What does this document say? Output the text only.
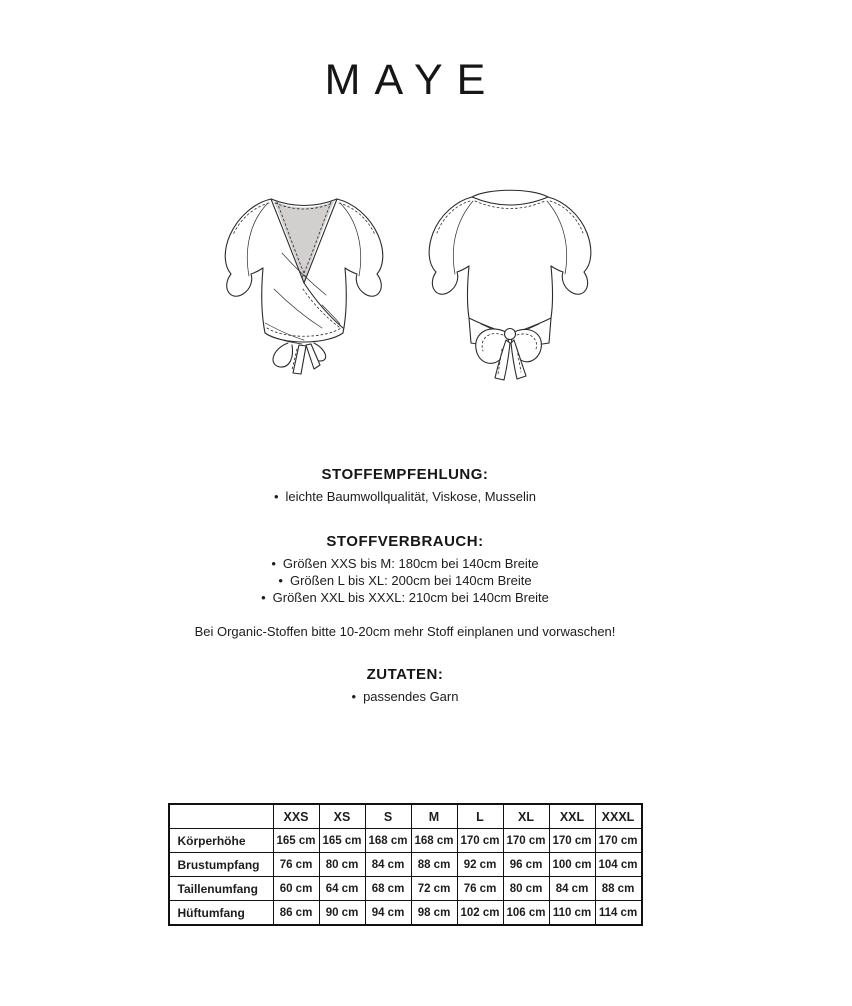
MAYE
STOFFEMPFEHLUNG:
• leichte Baumwollqualität, Viskose, Musselin
STOFFVERBRAUCH:
• Größen XXS bis M: 180cm bei 140cm Breite
• Größen L bis XL: 200cm bei 140cm Breite
• Größen XXL bis XXXL: 210cm bei 140cm Breite

Bei Organic-Stoffen bitte 10-20cm mehr Stoff einplanen und vorwaschen!

ZUTATEN:
• passendes Garn
	XXS	XS	S	M	L	XL	XXL	XXXL
Körperhöhe	165 cm	165 cm	168 cm	168 cm	170 cm	170 cm	170 cm	170 cm
Brustumpfang	76 cm	80 cm	84 cm	88 cm	92 cm	96 cm	100 cm	104 cm
Taillenumfang	60 cm	64 cm	68 cm	72 cm	76 cm	80 cm	84 cm	88 cm
Hüftumfang	86 cm	90 cm	94 cm	98 cm	102 cm	106 cm	110 cm	114 cm
